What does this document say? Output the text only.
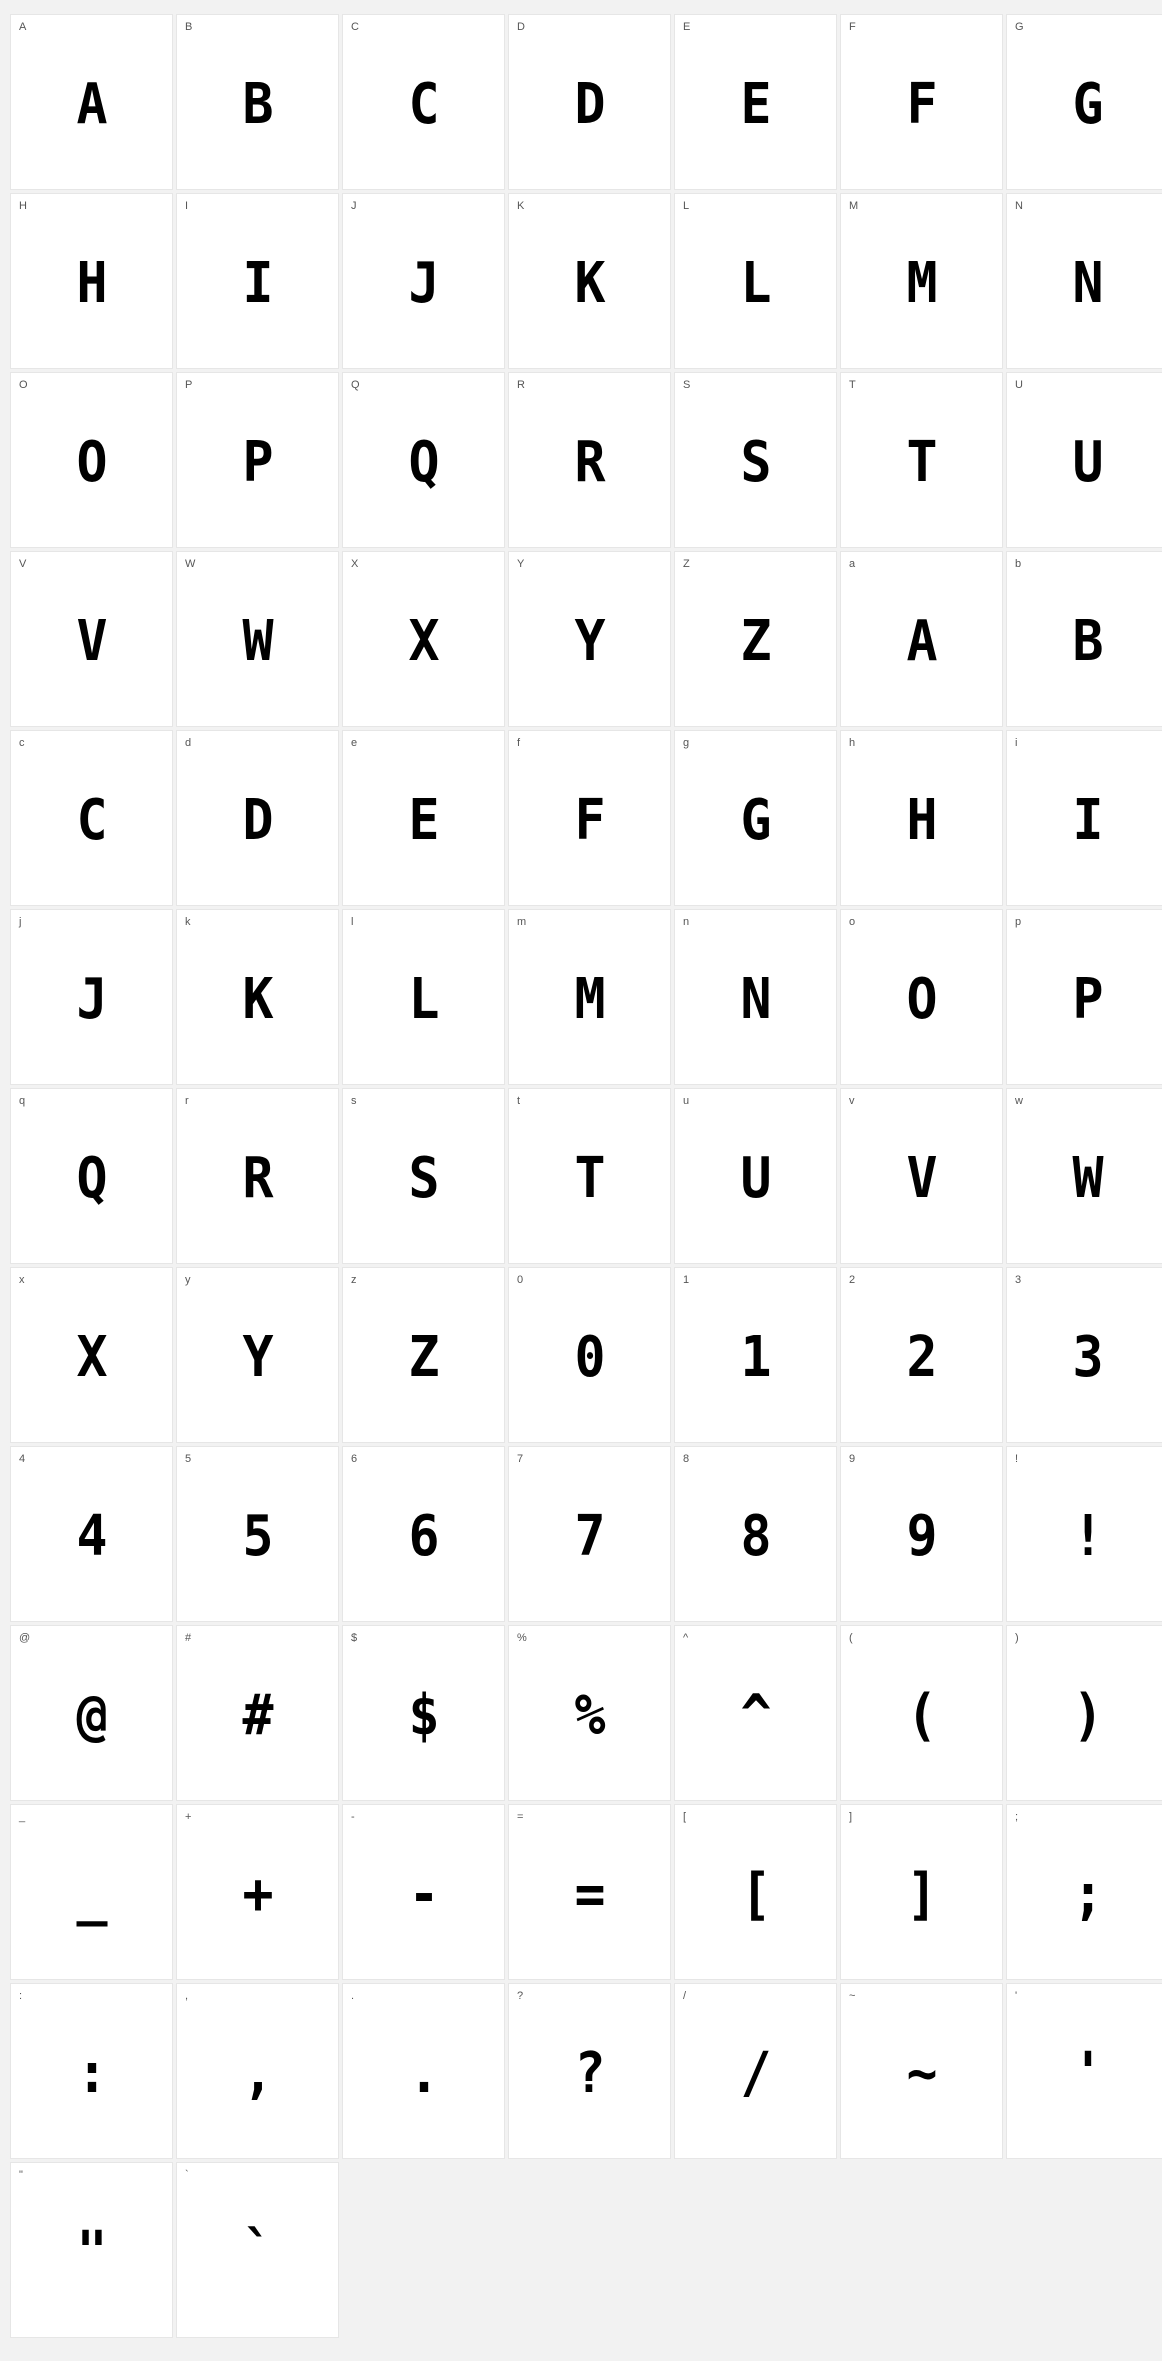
A
A
B
B
C
C
D
D
E
E
F
F
G
G
H
H
I
I
J
J
K
K
L
L
M
M
N
N
O
O
P
P
Q
Q
R
R
S
S
T
T
U
U
V
V
W
W
X
X
Y
Y
Z
Z
a
A
b
B
c
C
d
D
e
E
f
F
g
G
h
H
i
I
j
J
k
K
l
L
m
M
n
N
o
O
p
P
q
Q
r
R
s
S
t
T
u
U
v
V
w
W
x
X
y
Y
z
Z
0
0
1
1
2
2
3
3
4
4
5
5
6
6
7
7
8
8
9
9
!
!
@
@
#
#
$
$
%
%
^
^
(
(
)
)
_
_
+
+
-
-
=
=
[
[
]
]
;
;
:
:
,
,
.
.
?
?
/
/
~
~
'
'
"
"
`
`
